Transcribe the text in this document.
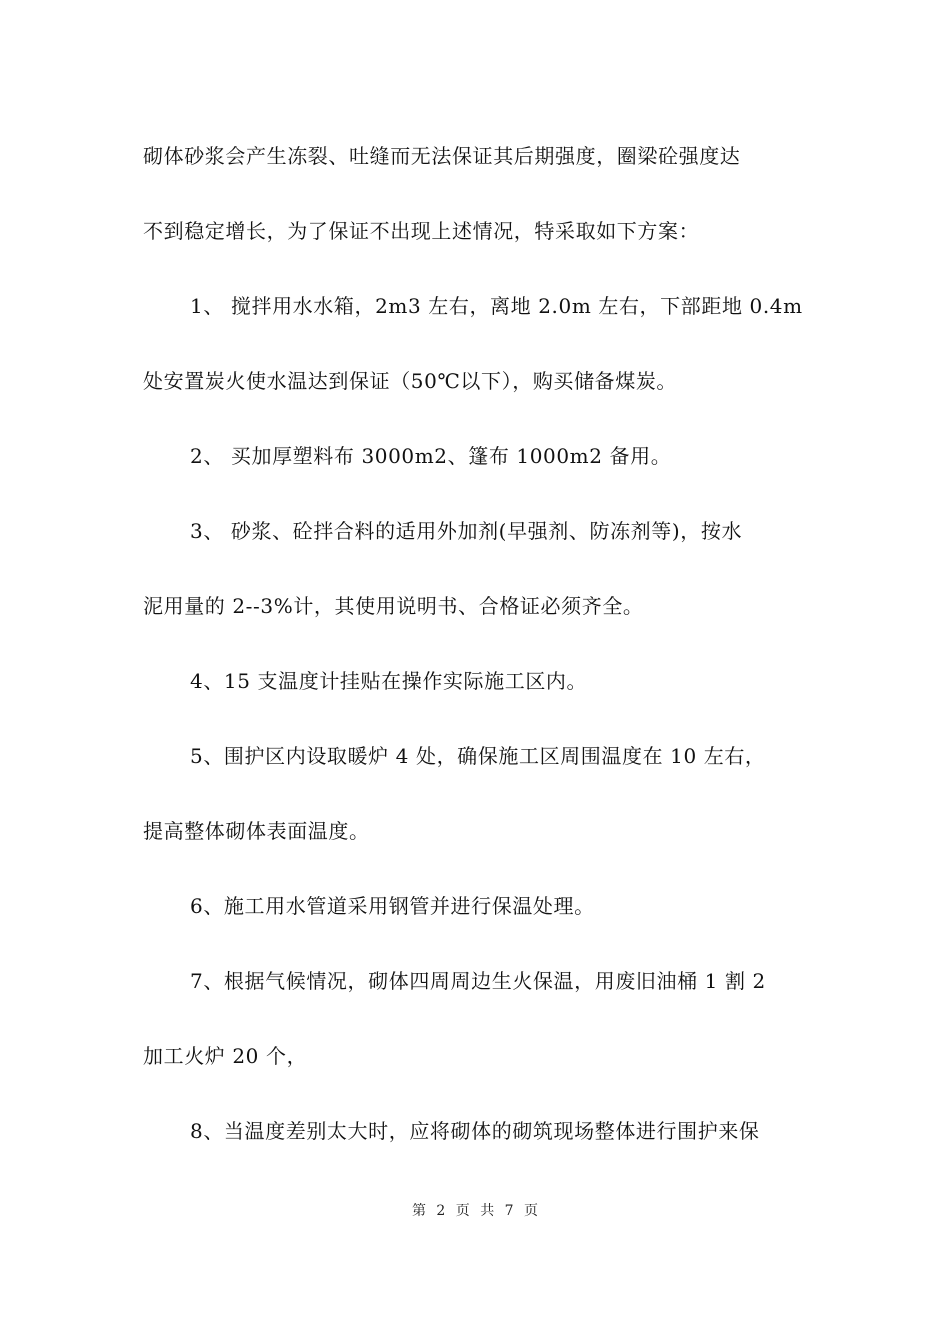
砌体砂浆会产生冻裂、吐缝而无法保证其后期强度，圈梁砼强度达
不到稳定增长，为了保证不出现上述情况，特采取如下方案：
1、 搅拌用水水箱，2m3 左右，离地 2.0m 左右，下部距地 0.4m
处安置炭火使水温达到保证（50℃以下），购买储备煤炭。
2、 买加厚塑料布 3000m2、篷布 1000m2 备用。
3、 砂浆、砼拌合料的适用外加剂(早强剂、防冻剂等)，按水
泥用量的 2--3%计，其使用说明书、合格证必须齐全。
4、15 支温度计挂贴在操作实际施工区内。
5、围护区内设取暖炉 4 处，确保施工区周围温度在 10 左右，
提高整体砌体表面温度。
6、施工用水管道采用钢管并进行保温处理。
7、根据气候情况，砌体四周周边生火保温，用废旧油桶 1 割 2
加工火炉 20 个，
8、当温度差别太大时，应将砌体的砌筑现场整体进行围护来保
第 2 页 共 7 页
